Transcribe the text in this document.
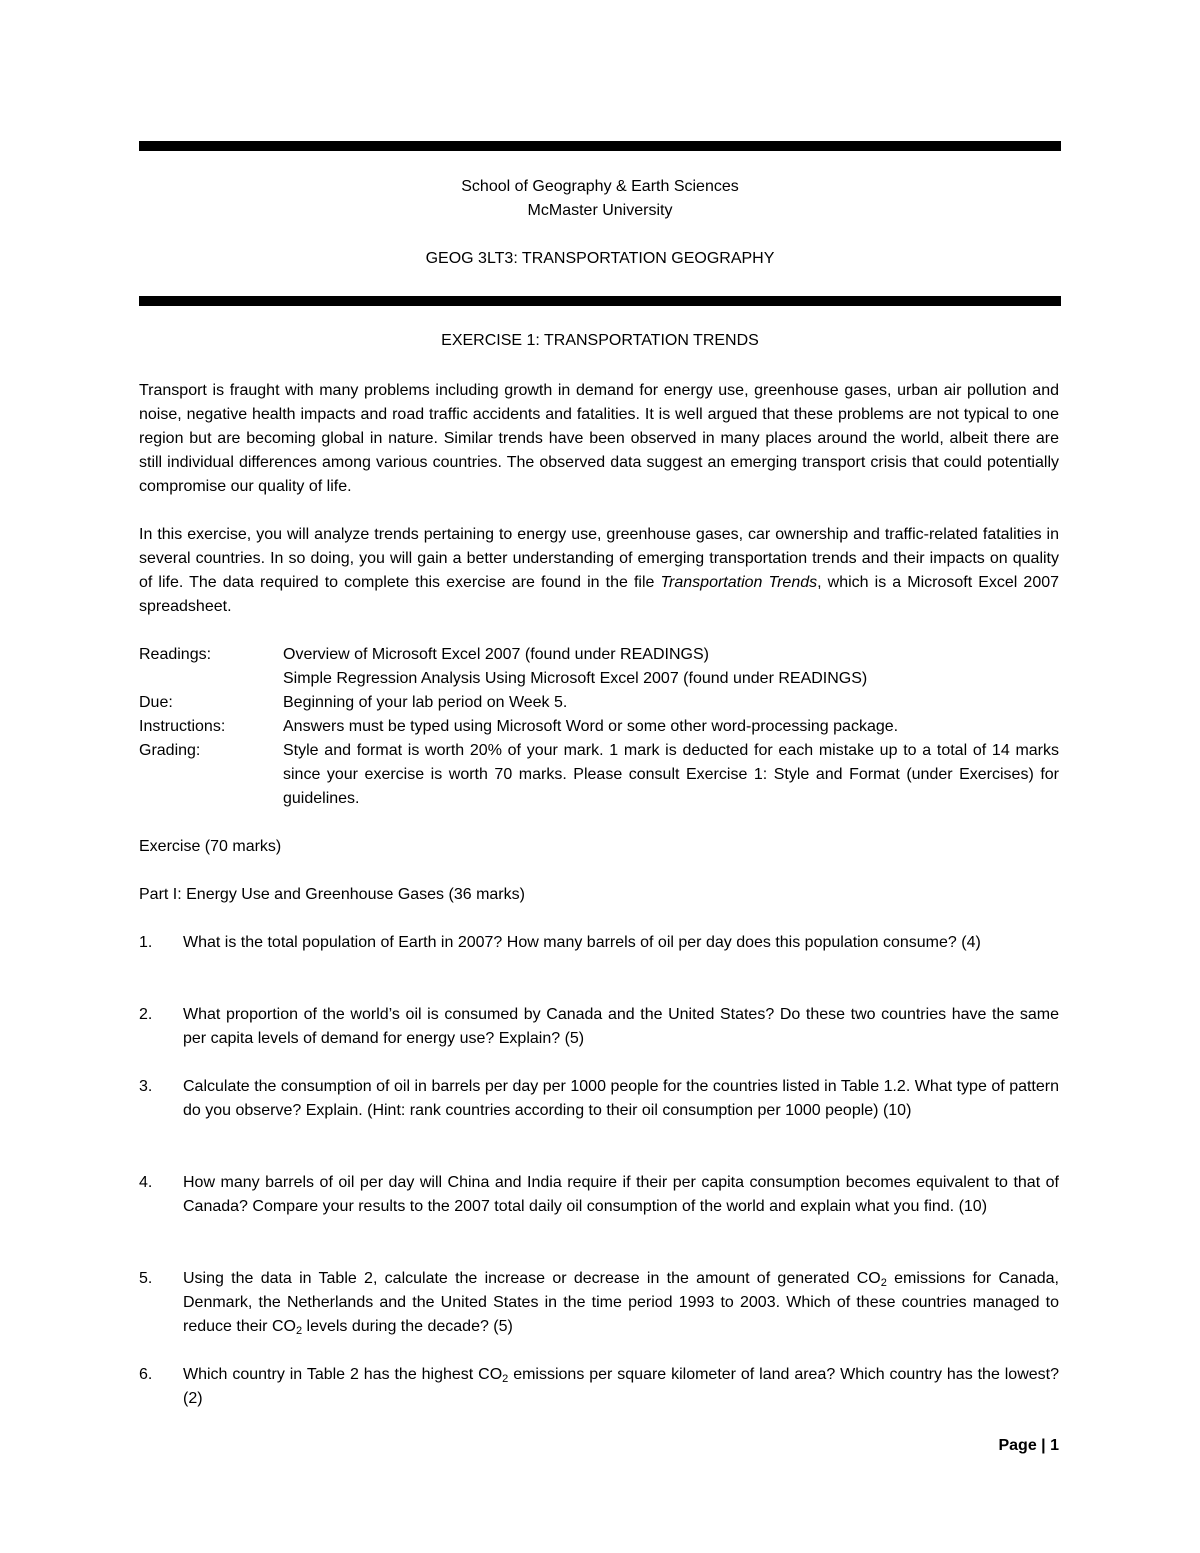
School of Geography & Earth Sciences
McMaster University
GEOG 3LT3: TRANSPORTATION GEOGRAPHY
EXERCISE 1: TRANSPORTATION TRENDS

Transport is fraught with many problems including growth in demand for energy use, greenhouse gases, urban air pollution and noise, negative health impacts and road traffic accidents and fatalities. It is well argued that these problems are not typical to one region but are becoming global in nature. Similar trends have been observed in many places around the world, albeit there are still individual differences among various countries. The observed data suggest an emerging transport crisis that could potentially compromise our quality of life.

In this exercise, you will analyze trends pertaining to energy use, greenhouse gases, car ownership and traffic-related fatalities in several countries. In so doing, you will gain a better understanding of emerging transportation trends and their impacts on quality of life. The data required to complete this exercise are found in the file Transportation Trends, which is a Microsoft Excel 2007 spreadsheet.

Readings:	Overview of Microsoft Excel 2007 (found under READINGS)
Simple Regression Analysis Using Microsoft Excel 2007 (found under READINGS)
Due:	Beginning of your lab period on Week 5.
Instructions:	Answers must be typed using Microsoft Word or some other word-processing package.
Grading:	Style and format is worth 20% of your mark. 1 mark is deducted for each mistake up to a total of 14 marks since your exercise is worth 70 marks. Please consult Exercise 1: Style and Format (under Exercises) for guidelines.
Exercise (70 marks)
Part I: Energy Use and Greenhouse Gases (36 marks)
1.	What is the total population of Earth in 2007? How many barrels of oil per day does this population consume? (4)
2.	What proportion of the world’s oil is consumed by Canada and the United States? Do these two countries have the same per capita levels of demand for energy use? Explain? (5)
3.	Calculate the consumption of oil in barrels per day per 1000 people for the countries listed in Table 1.2. What type of pattern do you observe? Explain. (Hint: rank countries according to their oil consumption per 1000 people) (10)
4.	How many barrels of oil per day will China and India require if their per capita consumption becomes equivalent to that of Canada? Compare your results to the 2007 total daily oil consumption of the world and explain what you find. (10)
5.	Using the data in Table 2, calculate the increase or decrease in the amount of generated $CO_2$ emissions for Canada, Denmark, the Netherlands and the United States in the time period 1993 to 2003. Which of these countries managed to reduce their $CO_2$ levels during the decade? (5)
6.	Which country in Table 2 has the highest $CO_2$ emissions per square kilometer of land area? Which country has the lowest? (2)
Page | 1
